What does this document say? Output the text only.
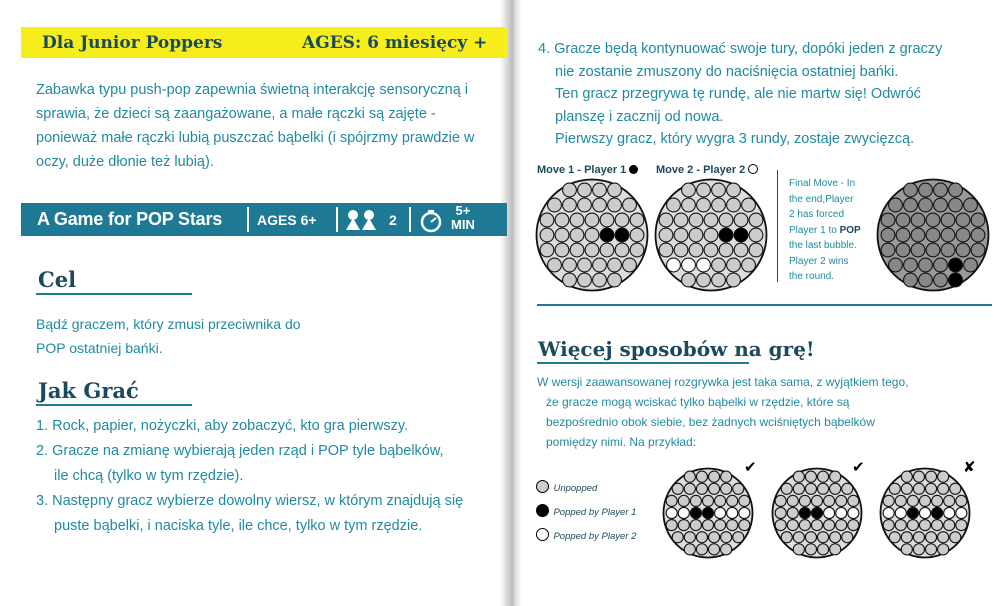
Dla Junior Poppers	AGES: 6 miesięcy +
Zabawka typu push-pop zapewnia świetną interakcję sensoryczną i
sprawia, że dzieci są zaangażowane, a małe rączki są zajęte -
ponieważ małe rączki lubią puszczać bąbelki (i spójrzmy prawdzie w
oczy, duże dłonie też lubią).
A Game for POP Stars AGES 6+	2
5+
MIN
Cel
Bądź graczem, który zmusi przeciwnika do
POP ostatniej bańki.
Jak Grać
1. Rock, papier, nożyczki, aby zobaczyć, kto gra pierwszy.
2. Gracze na zmianę wybierają jeden rząd i POP tyle bąbelków,
ile chcą (tylko w tym rzędzie).
3. Następny gracz wybierze dowolny wiersz, w którym znajdują się
puste bąbelki, i naciska tyle, ile chce, tylko w tym rzędzie.
4. Gracze będą kontynuować swoje tury, dopóki jeden z graczy
nie zostanie zmuszony do naciśnięcia ostatniej bańki.
Ten gracz przegrywa tę rundę, ale nie martw się! Odwróć
planszę i zacznij od nowa.
Pierwszy gracz, który wygra 3 rundy, zostaje zwycięzcą.
Move 1 - Player 1	Move 2 - Player 2
Final Move - In
the end,Player
2 has forced
Player 1 to POP
the last bubble.
Player 2 wins
the round.
Więcej sposobów na grę!
W wersji zaawansowanej rozgrywka jest taka sama, z wyjątkiem tego,
że gracze mogą wciskać tylko bąbelki w rzędzie, które są
bezpośrednio obok siebie, bez żadnych wciśniętych bąbelków
pomiędzy nimi. Na przykład:
Unpopped
Popped by Player 1
Popped by Player 2
✔	✔	✘
